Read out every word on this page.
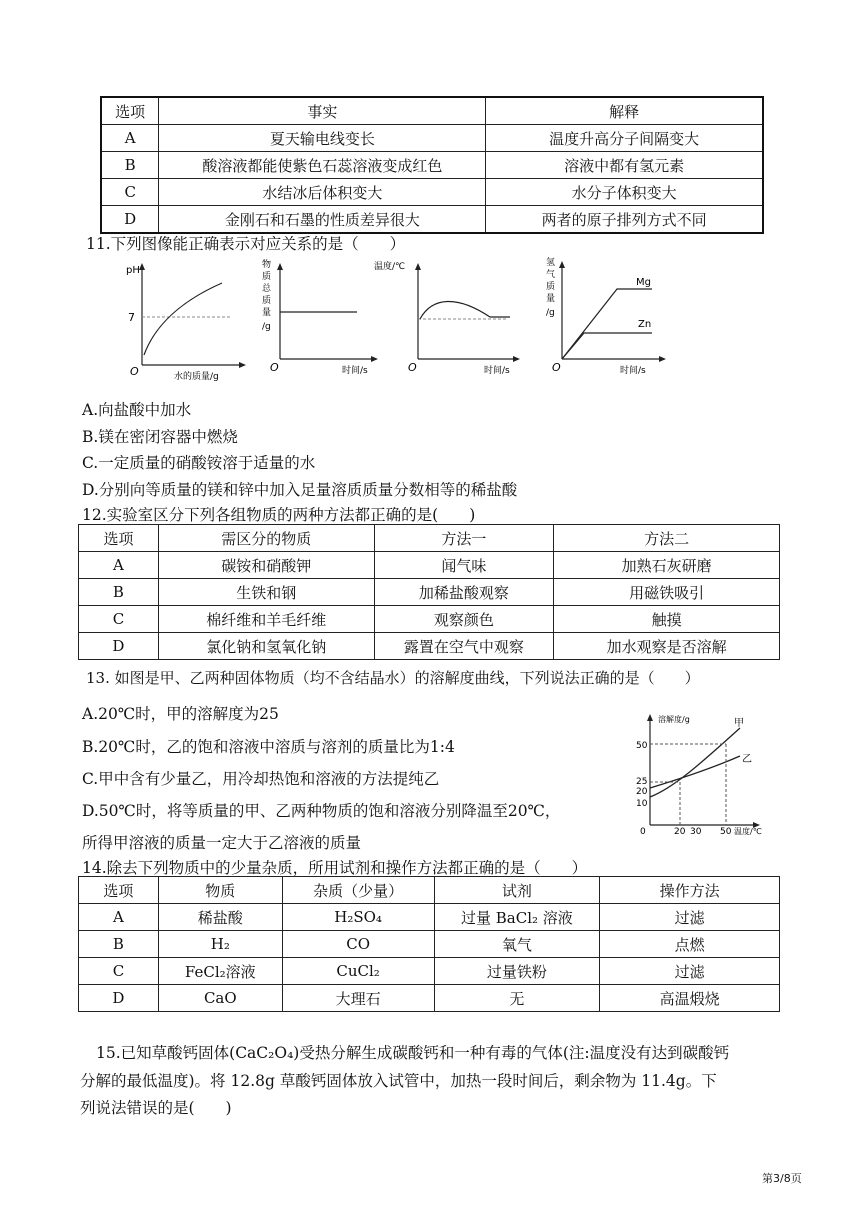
选项	事实	解释
A	夏天输电线变长	温度升高分子间隔变大
B	酸溶液都能使紫色石蕊溶液变成红色	溶液中都有氢元素
C	水结冰后体积变大	水分子体积变大
D	金刚石和石墨的性质差异很大	两者的原子排列方式不同
11.下列图像能正确表示对应关系的是（　　）
pH
7
O	水的质量/g
物
质
总
质
量
/g
O	时间/s
温度/℃
O	时间/s
氢
气
质
量
/g
Mg
Zn
O	时间/s
A.向盐酸中加水
B.镁在密闭容器中燃烧
C.一定质量的硝酸铵溶于适量的水
D.分别向等质量的镁和锌中加入足量溶质质量分数相等的稀盐酸
12.实验室区分下列各组物质的两种方法都正确的是(　　)
选项	需区分的物质	方法一	方法二
A	碳铵和硝酸钾	闻气味	加熟石灰研磨
B	生铁和钢	加稀盐酸观察	用磁铁吸引
C	棉纤维和羊毛纤维	观察颜色	触摸
D	氯化钠和氢氧化钠	露置在空气中观察	加水观察是否溶解
13. 如图是甲、乙两种固体物质（均不含结晶水）的溶解度曲线，下列说法正确的是（　　）
A.20℃时，甲的溶解度为25
B.20℃时，乙的饱和溶液中溶质与溶剂的质量比为1:4
C.甲中含有少量乙，用冷却热饱和溶液的方法提纯乙
D.50℃时，将等质量的甲、乙两种物质的饱和溶液分别降温至20℃，
所得甲溶液的质量一定大于乙溶液的质量
溶解度/g	甲
乙
50
25
20
10
0	20 30 50 温度/℃
14.除去下列物质中的少量杂质，所用试剂和操作方法都正确的是（　　）
选项	物质	杂质（少量）	试剂	操作方法
A	稀盐酸	H₂SO₄	过量 BaCl₂ 溶液	过滤
B	H₂	CO	氧气	点燃
C	FeCl₂溶液	CuCl₂	过量铁粉	过滤
D	CaO	大理石	无	高温煅烧
15.已知草酸钙固体(CaC₂O₄)受热分解生成碳酸钙和一种有毒的气体(注:温度没有达到碳酸钙
分解的最低温度)。将 12.8g 草酸钙固体放入试管中，加热一段时间后，剩余物为 11.4g。下
列说法错误的是(　　)
第3/8页
